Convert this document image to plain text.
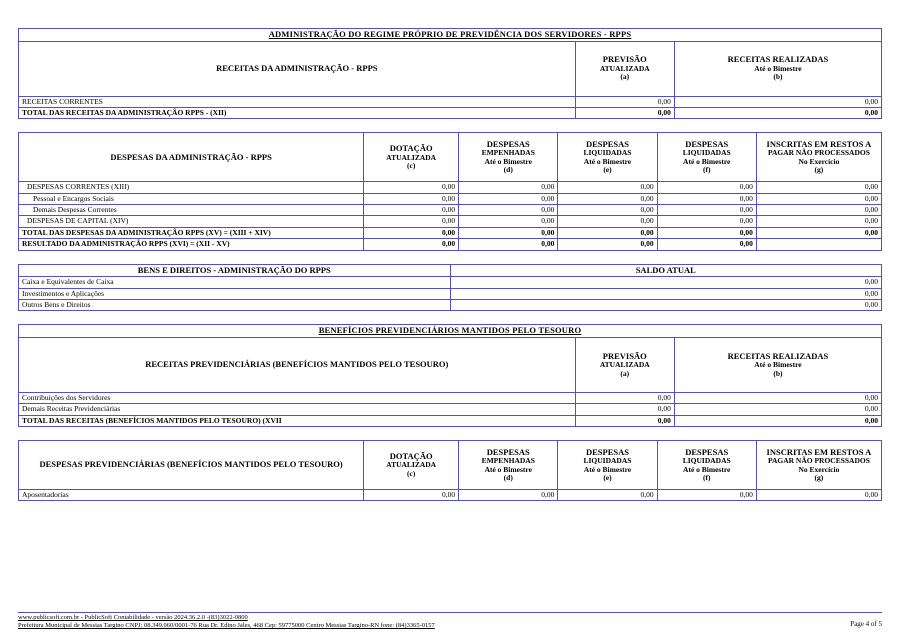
ADMINISTRAÇÃO DO REGIME PRÓPRIO DE PREVIDÊNCIA DOS SERVIDORES - RPPS		
RECEITAS DA ADMINISTRAÇÃO - RPPS	PREVISÃO
ATUALIZADA
(a)	RECEITAS REALIZADAS
Até o Bimestre
(b)

RECEITAS CORRENTES	0,00	0,00
TOTAL DAS RECEITAS DA ADMINISTRAÇÃO RPPS - (XII)	0,00	0,00
DESPESAS DA ADMINISTRAÇÃO - RPPS	DOTAÇÃO
ATUALIZADA
(c)	DESPESAS
EMPENHADAS
Até o Bimestre
(d)	DESPESAS
LIQUIDADAS
Até o Bimestre
(e)	DESPESAS
LIQUIDADAS
Até o Bimestre
(f)	INSCRITAS EM RESTOS A
PAGAR NÃO PROCESSADOS
No Exercício
(g)

DESPESAS CORRENTES (XIII)	0,00	0,00	0,00	0,00	0,00
Pessoal e Encargos Sociais	0,00	0,00	0,00	0,00	0,00
Demais Despesas Correntes	0,00	0,00	0,00	0,00	0,00
DESPESAS DE CAPITAL (XIV)	0,00	0,00	0,00	0,00	0,00
TOTAL DAS DESPESAS DA ADMINISTRAÇÃO RPPS (XV) = (XIII + XIV)	0,00	0,00	0,00	0,00	0,00
RESULTADO DA ADMINISTRAÇÃO RPPS (XVI) = (XII - XV)	0,00	0,00	0,00	0,00	
BENS E DIREITOS - ADMINISTRAÇÃO DO RPPS	SALDO ATUAL
Caixa e Equivalentes de Caixa	0,00
Investimentos e Aplicações	0,00
Outros Bens e Direitos	0,00
BENEFÍCIOS PREVIDENCIÁRIOS MANTIDOS PELO TESOURO		
RECEITAS PREVIDENCIÁRIAS (BENEFÍCIOS MANTIDOS PELO TESOURO)	PREVISÃO
ATUALIZADA
(a)	RECEITAS REALIZADAS
Até o Bimestre
(b)

Contribuições dos Servidores	0,00	0,00
Demais Receitas Previdenciárias	0,00	0,00
TOTAL DAS RECEITAS (BENEFÍCIOS MANTIDOS PELO TESOURO) (XVII	0,00	0,00
DESPESAS PREVIDENCIÁRIAS (BENEFÍCIOS MANTIDOS PELO TESOURO)	DOTAÇÃO
ATUALIZADA
(c)	DESPESAS
EMPENHADAS
Até o Bimestre
(d)	DESPESAS
LIQUIDADAS
Até o Bimestre
(e)	DESPESAS
LIQUIDADAS
Até o Bimestre
(f)	INSCRITAS EM RESTOS A
PAGAR NÃO PROCESSADOS
No Exercício
(g)

Aposentadorias	0,00	0,00	0,00	0,00	0,00
www.publicsoft.com.br - PublicSoft Contabilidade - versão 2024.36.2.0 -(83)3022-0800
Prefeitura Municipal de Messias Targino CNPJ: 08.349.060/0001-76 Rua Dr. Edino Jales, 468 Cep: 59775000 Centro Messias Targino-RN fone: (84)3365-0157	Page 4 of 5
